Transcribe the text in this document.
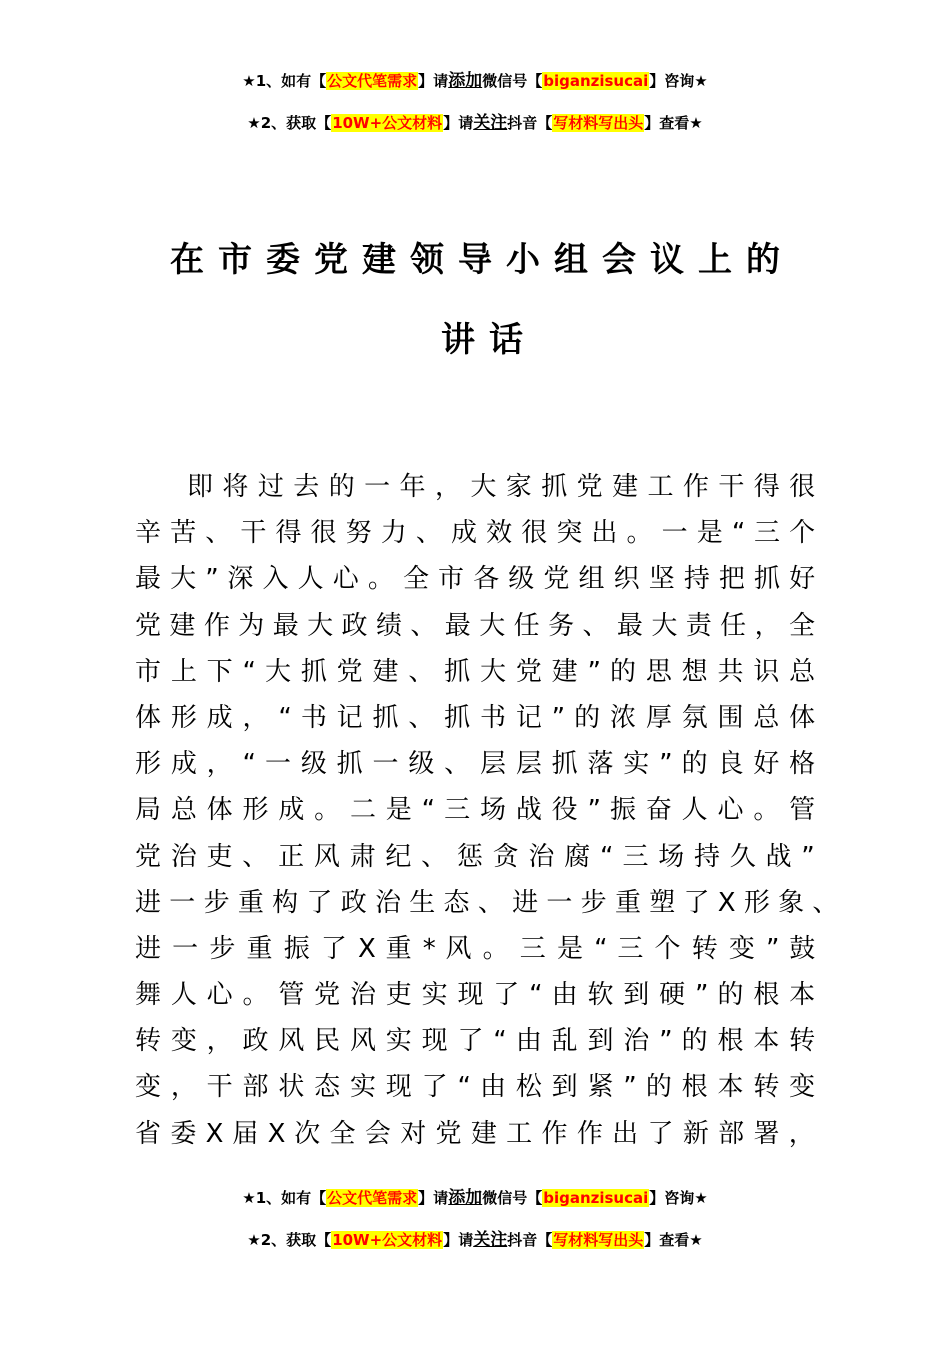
★1、如有【公文代笔需求】请添加微信号【biganzisucai】咨询★
★2、获取【10W+公文材料】请关注抖音【写材料写出头】查看★
在市委党建领导小组会议上的
讲话
即 将 过 去 的 一 年 ， 大 家 抓 党 建 工 作 干 得 很
辛 苦 、 干 得 很 努 力 、 成 效 很 突 出 。 一 是 “ 三 个
最 大 ” 深 入 人 心 。 全 市 各 级 党 组 织 坚 持 把 抓 好
党 建 作 为 最 大 政 绩 、 最 大 任 务 、 最 大 责 任 ， 全
市 上 下 “ 大 抓 党 建 、 抓 大 党 建 ” 的 思 想 共 识 总
体 形 成 ， “ 书 记 抓 、 抓 书 记 ” 的 浓 厚 氛 围 总 体
形 成 ， “ 一 级 抓 一 级 、 层 层 抓 落 实 ” 的 良 好 格
局 总 体 形 成 。 二 是 “ 三 场 战 役 ” 振 奋 人 心 。 管
党 治 吏 、 正 风 肃 纪 、 惩 贪 治 腐 “ 三 场 持 久 战 ”
进 一 步 重 构 了 政 治 生 态 、 进 一 步 重 塑 了 X 形 象 、
进 一 步 重 振 了 X 重 * 风 。 三 是 “ 三 个 转 变 ” 鼓
舞 人 心 。 管 党 治 吏 实 现 了 “ 由 软 到 硬 ” 的 根 本
转 变 ， 政 风 民 风 实 现 了 “ 由 乱 到 治 ” 的 根 本 转
变 ， 干 部 状 态 实 现 了 “ 由 松 到 紧 ” 的 根 本 转 变
省 委 X 届 X 次 全 会 对 党 建 工 作 作 出 了 新 部 署 ，
★1、如有【公文代笔需求】请添加微信号【biganzisucai】咨询★
★2、获取【10W+公文材料】请关注抖音【写材料写出头】查看★
